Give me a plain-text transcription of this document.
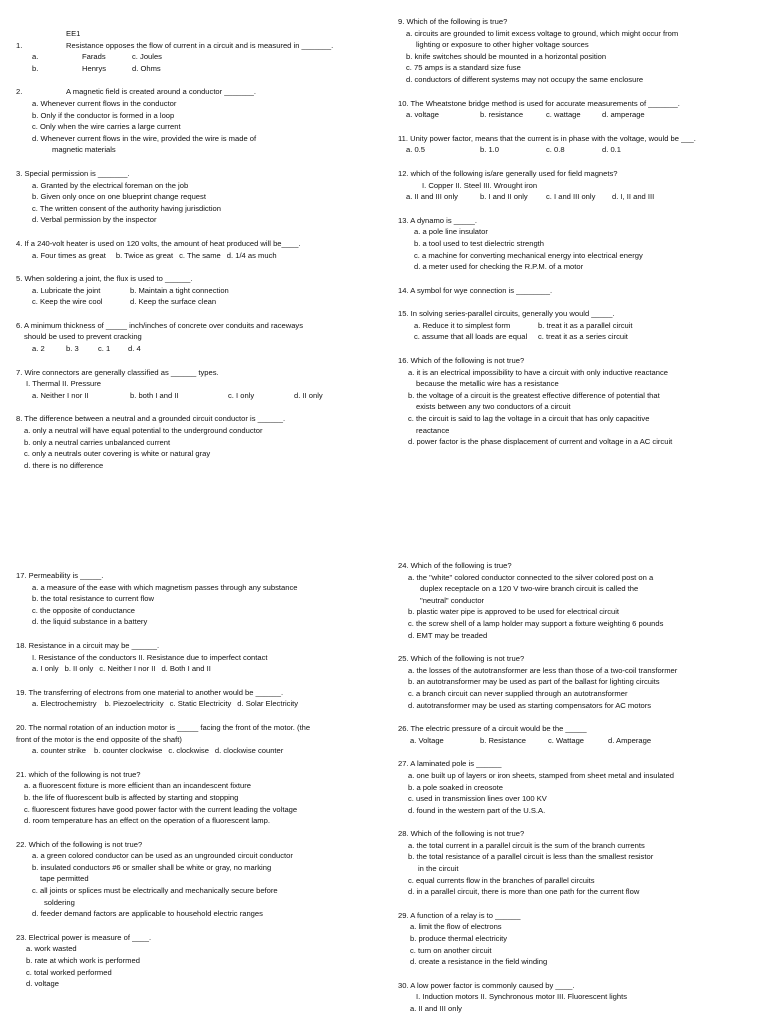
EE1
1.	Resistance opposes the flow of current in a circuit and is measured in _______.
a.	Farads	c. Joules
b.	Henrys	d. Ohms
2.	A magnetic field is created around a conductor _______.
a. Whenever current flows in the conductor
b. Only if the conductor is formed in a loop
c. Only when the wire carries a large current
d. Whenever current flows in the wire, provided the wire is made of
magnetic materials
3. Special permission is _______.
a. Granted by the electrical foreman on the job
b. Given only once on one blueprint change request
c. The written consent of the authority having jurisdiction
d. Verbal permission by the inspector
4. If a 240-volt heater is used on 120 volts, the amount of heat produced will be____.
a. Four times as great b. Twice as great c. The same d. 1/4 as much
5. When soldering a joint, the flux is used to ______.
a. Lubricate the joint	b. Maintain a tight connection
c. Keep the wire cool	d. Keep the surface clean
6. A minimum thickness of _____ inch/inches of concrete over conduits and raceways
should be used to prevent cracking
a. 2	b. 3	c. 1 d. 4
7. Wire connectors are generally classified as ______ types.
I. Thermal II. Pressure
a. Neither I nor II	b. both I and II	c. I only	d. II only
8. The difference between a neutral and a grounded circuit conductor is ______.
a. only a neutral will have equal potential to the underground conductor
b. only a neutral carries unbalanced current
c. only a neutrals outer covering is white or natural gray
d. there is no difference
9. Which of the following is true?
a. circuits are grounded to limit excess voltage to ground, which might occur from
lighting or exposure to other higher voltage sources
b. knife switches should be mounted in a horizontal position
c. 75 amps is a standard size fuse
d. conductors of different systems may not occupy the same enclosure
10. The Wheatstone bridge method is used for accurate measurements of _______.
a. voltage	b. resistance	c. wattage	d. amperage
11. Unity power factor, means that the current is in phase with the voltage, would be ___.
a. 0.5	b. 1.0	c. 0.8	d. 0.1
12. which of the following is/are generally used for field magnets?
I. Copper II. Steel III. Wrought iron
a. II and III only	b. I and II only c. I and III only d. I, II and III
13. A dynamo is _____.
a. a pole line insulator
b. a tool used to test dielectric strength
c. a machine for converting mechanical energy into electrical energy
d. a meter used for checking the R.P.M. of a motor
14. A symbol for wye connection is ________.
15. In solving series-parallel circuits, generally you would _____.
a. Reduce it to simplest form	b. treat it as a parallel circuit
c. assume that all loads are equal c. treat it as a series circuit
16. Which of the following is not true?
a. it is an electrical impossibility to have a circuit with only inductive reactance
because the metallic wire has a resistance
b. the voltage of a circuit is the greatest effective difference of potential that
exists between any two conductors of a circuit
c. the circuit is said to lag the voltage in a circuit that has only capacitive
reactance
d. power factor is the phase displacement of current and voltage in a AC circuit
17. Permeability is _____.
a. a measure of the ease with which magnetism passes through any substance
b. the total resistance to current flow
c. the opposite of conductance
d. the liquid substance in a battery
18. Resistance in a circuit may be ______.
I. Resistance of the conductors II. Resistance due to imperfect contact
a. I only b. II only c. Neither I nor II d. Both I and II
19. The transferring of electrons from one material to another would be ______.
a. Electrochemistry b. Piezoelectricity c. Static Electricity d. Solar Electricity
20. The normal rotation of an induction motor is _____ facing the front of the motor. (the
front of the motor is the end opposite of the shaft)
a. counter strike b. counter clockwise c. clockwise d. clockwise counter
21. which of the following is not true?
a. a fluorescent fixture is more efficient than an incandescent fixture
b. the life of fluorescent bulb is affected by starting and stopping
c. fluorescent fixtures have good power factor with the current leading the voltage
d. room temperature has an effect on the operation of a fluorescent lamp.
22. Which of the following is not true?
a. a green colored conductor can be used as an ungrounded circuit conductor
b. insulated conductors #6 or smaller shall be white or gray, no marking
tape permitted
c. all joints or splices must be electrically and mechanically secure before
soldering
d. feeder demand factors are applicable to household electric ranges
23. Electrical power is measure of ____.
a. work wasted
b. rate at which work is performed
c. total worked performed
d. voltage
24. Which of the following is true?
a. the "white" colored conductor connected to the silver colored post on a
duplex receptacle on a 120 V two-wire branch circuit is called the
"neutral" conductor
b. plastic water pipe is approved to be used for electrical circuit
c. the screw shell of a lamp holder may support a fixture weighting 6 pounds
d. EMT may be treaded
25. Which of the following is not true?
a. the losses of the autotransformer are less than those of a two-coil transformer
b. an autotransformer may be used as part of the ballast for lighting circuits
c. a branch circuit can never supplied through an autotransformer
d. autotransformer may be used as starting compensators for AC motors
26. The electric pressure of a circuit would be the _____
a. Voltage	b. Resistance	c. Wattage	d. Amperage
27. A laminated pole is ______
a. one built up of layers or iron sheets, stamped from sheet metal and insulated
b. a pole soaked in creosote
c. used in transmission lines over 100 KV
d. found in the western part of the U.S.A.
28. Which of the following is not true?
a. the total current in a parallel circuit is the sum of the branch currents
b. the total resistance of a parallel circuit is less than the smallest resistor
in the circuit
c. equal currents flow in the branches of parallel circuits
d. in a parallel circuit, there is more than one path for the current flow
29. A function of a relay is to ______
a. limit the flow of electrons
b. produce thermal electricity
c. turn on another circuit
d. create a resistance in the field winding
30. A low power factor is commonly caused by ____.
I. Induction motors II. Synchronous motor III. Fluorescent lights
a. II and III only
